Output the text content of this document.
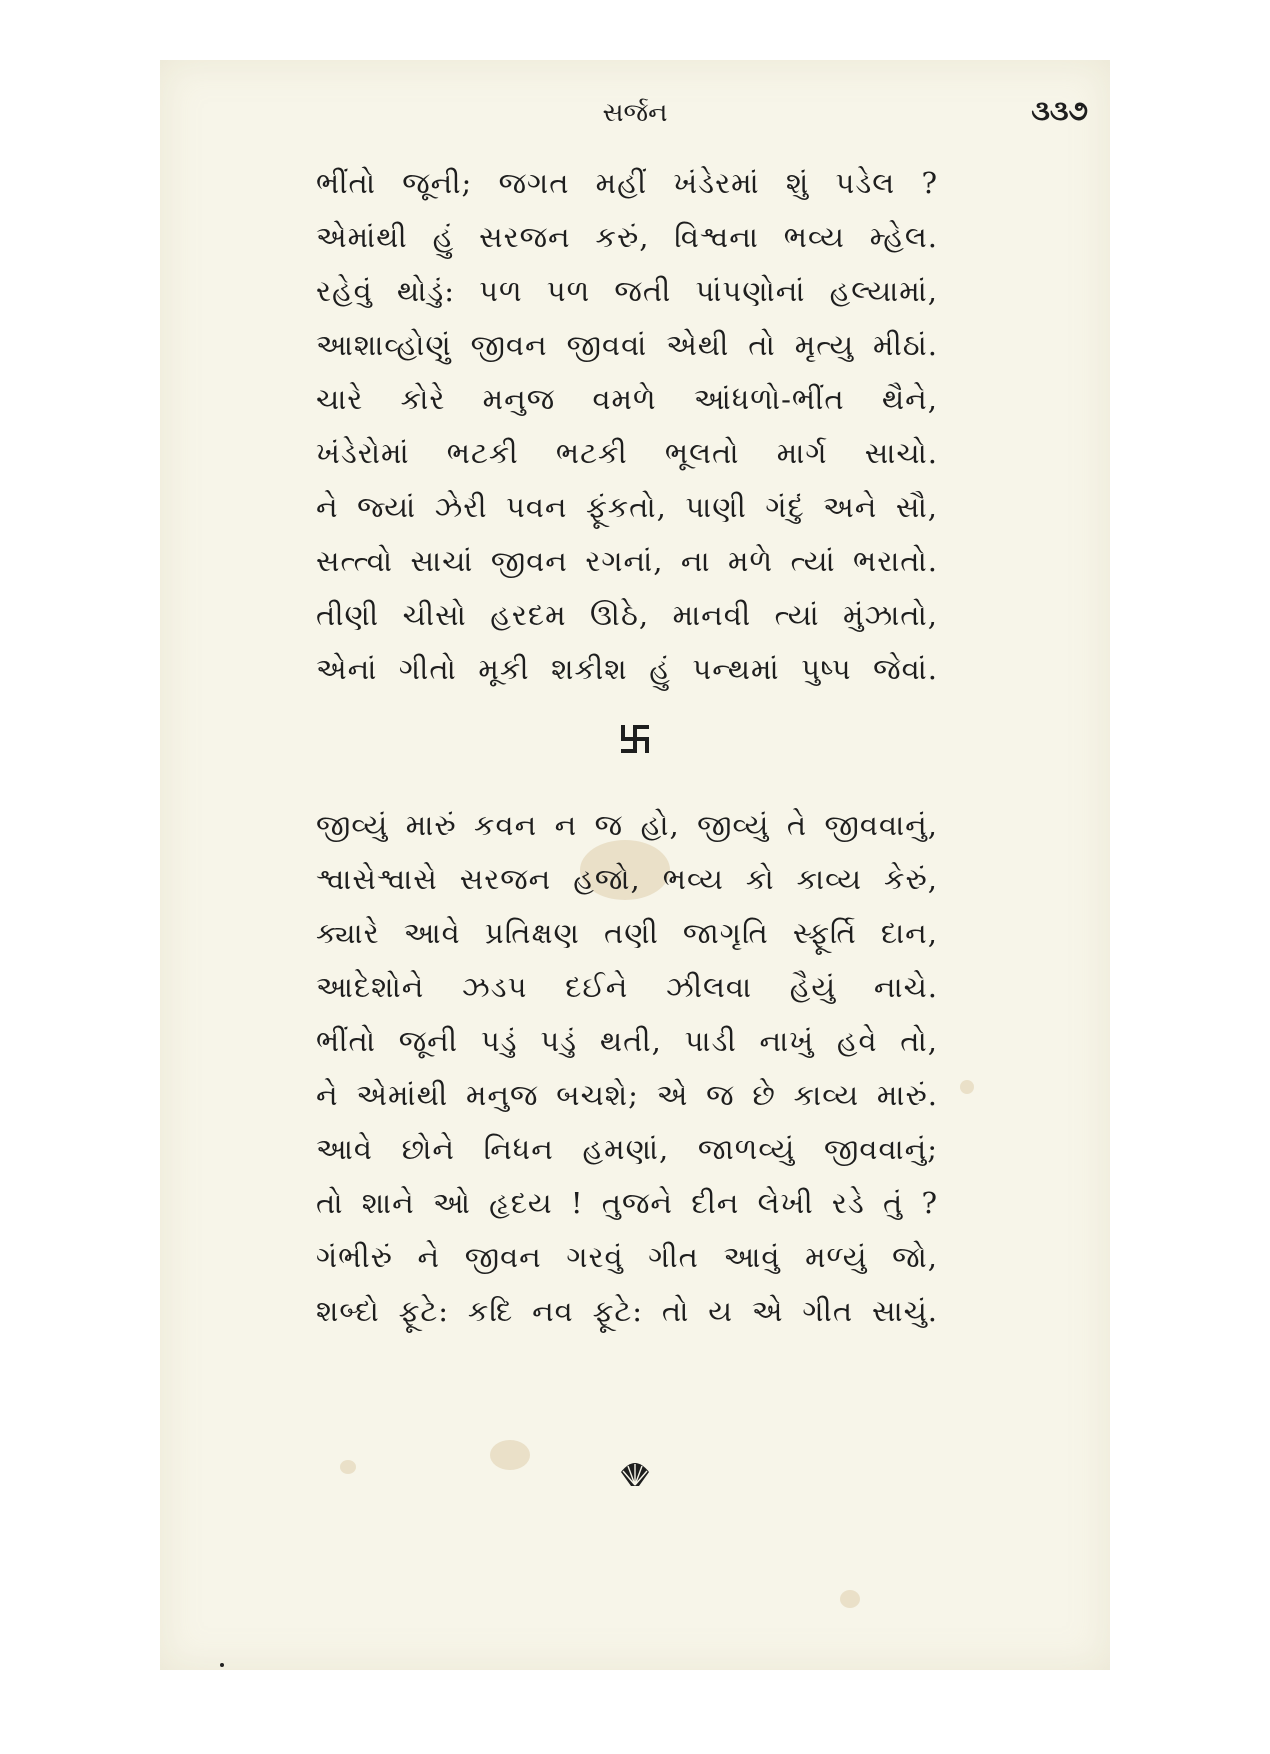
સર્જન	૩૩૭
ભીંતો જૂની; જગત મહીં ખંડેરમાં શું પડેલ ?
એમાંથી હું સરજન કરું, વિશ્વના ભવ્ય મ્હેલ.
રહેવું થોડું: પળ પળ જતી પાંપણોનાં હલ્યામાં,
આશાવ્હોણું જીવન જીવવાં એથી તો મૃત્યુ મીઠાં.
ચારે કોરે મનુજ વમળે આંધળો-ભીંત થૈને,
ખંડેરોમાં ભટકી ભટકી ભૂલતો માર્ગ સાચો.
ને જ્યાં ઝેરી પવન ફૂંકતો, પાણી ગંદું અને સૌ,
સત્ત્વો સાચાં જીવન રગનાં, ના મળે ત્યાં ભરાતો.
તીણી ચીસો હરદમ ઊઠે, માનવી ત્યાં મુંઝાતો,
એનાં ગીતો મૂકી શકીશ હું પન્થમાં પુષ્પ જેવાં.
જીવ્યું મારું કવન ન જ હો, જીવ્યું તે જીવવાનું,
શ્વાસેશ્વાસે સરજન હજો, ભવ્ય કો કાવ્ય કેરું,
ક્યારે આવે પ્રતિક્ષણ તણી જાગૃતિ સ્ફૂર્તિ દાન,
આદેશોને ઝડપ દઈને ઝીલવા હૈયું નાચે.
ભીંતો જૂની પડું પડું થતી, પાડી નાખું હવે તો,
ને એમાંથી મનુજ બચશે; એ જ છે કાવ્ય મારું.
આવે છોને નિધન હમણાં, જાળવ્યું જીવવાનું;
તો શાને ઓ હૃદય ! તુજને દીન લેખી રડે તું ?
ગંભીરું ને જીવન ગરવું ગીત આવું મળ્યું જો,
શબ્દો ફૂટે: કદિ નવ ફૂટે: તો ય એ ગીત સાચું.
